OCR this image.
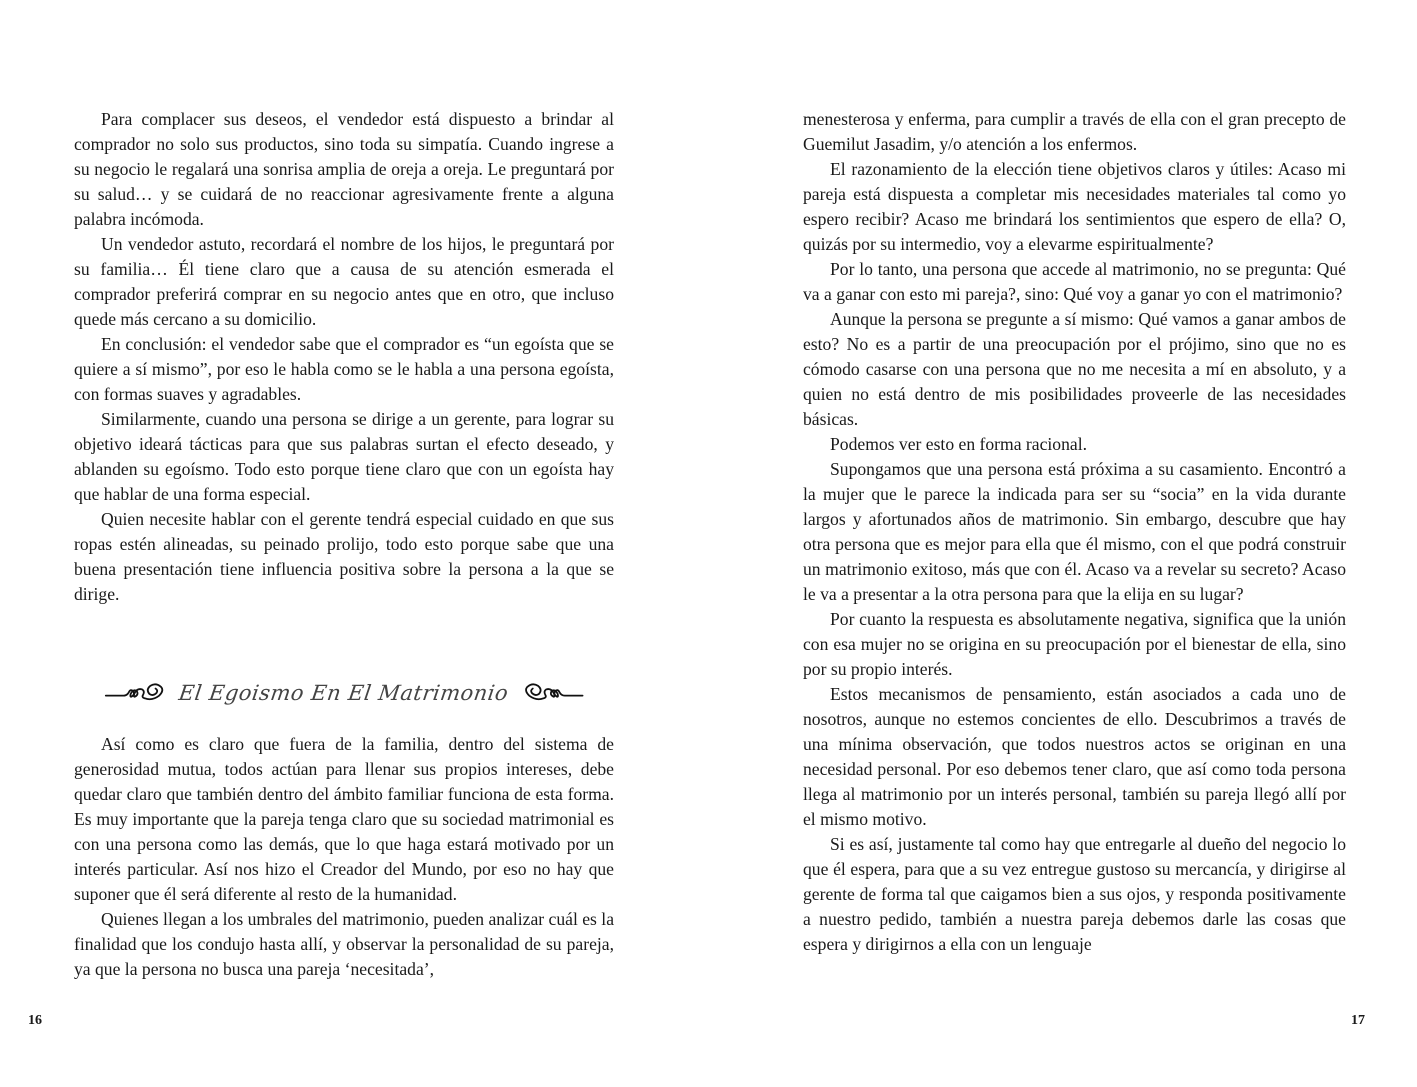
Para complacer sus deseos, el vendedor está dispuesto a brindar al comprador no solo sus productos, sino toda su simpatía. Cuando ingrese a su negocio le regalará una sonrisa amplia de oreja a oreja. Le preguntará por su salud… y se cuidará de no reaccionar agresivamente frente a alguna palabra incómoda.

Un vendedor astuto, recordará el nombre de los hijos, le preguntará por su familia… Él tiene claro que a causa de su atención esmerada el comprador preferirá comprar en su negocio antes que en otro, que incluso quede más cercano a su domicilio.

En conclusión: el vendedor sabe que el comprador es “un egoísta que se quiere a sí mismo”, por eso le habla como se le habla a una persona egoísta, con formas suaves y agradables.

Similarmente, cuando una persona se dirige a un gerente, para lograr su objetivo ideará tácticas para que sus palabras surtan el efecto deseado, y ablanden su egoísmo. Todo esto porque tiene claro que con un egoísta hay que hablar de una forma especial.

Quien necesite hablar con el gerente tendrá especial cuidado en que sus ropas estén alineadas, su peinado prolijo, todo esto porque sabe que una buena presentación tiene influencia positiva sobre la persona a la que se dirige.

El Egoismo En El Matrimonio

Así como es claro que fuera de la familia, dentro del sistema de generosidad mutua, todos actúan para llenar sus propios intereses, debe quedar claro que también dentro del ámbito familiar funciona de esta forma. Es muy importante que la pareja tenga claro que su sociedad matrimonial es con una persona como las demás, que lo que haga estará motivado por un interés particular. Así nos hizo el Creador del Mundo, por eso no hay que suponer que él será diferente al resto de la humanidad.

Quienes llegan a los umbrales del matrimonio, pueden analizar cuál es la finalidad que los condujo hasta allí, y observar la personalidad de su pareja, ya que la persona no busca una pareja ‘necesitada’,

16

menesterosa y enferma, para cumplir a través de ella con el gran precepto de Guemilut Jasadim, y/o atención a los enfermos.

El razonamiento de la elección tiene objetivos claros y útiles: Acaso mi pareja está dispuesta a completar mis necesidades materiales tal como yo espero recibir? Acaso me brindará los sentimientos que espero de ella? O, quizás por su intermedio, voy a elevarme espiritualmente?

Por lo tanto, una persona que accede al matrimonio, no se pregunta: Qué va a ganar con esto mi pareja?, sino: Qué voy a ganar yo con el matrimonio?

Aunque la persona se pregunte a sí mismo: Qué vamos a ganar ambos de esto? No es a partir de una preocupación por el prójimo, sino que no es cómodo casarse con una persona que no me necesita a mí en absoluto, y a quien no está dentro de mis posibilidades proveerle de las necesidades básicas.

Podemos ver esto en forma racional.

Supongamos que una persona está próxima a su casamiento. Encontró a la mujer que le parece la indicada para ser su “socia” en la vida durante largos y afortunados años de matrimonio. Sin embargo, descubre que hay otra persona que es mejor para ella que él mismo, con el que podrá construir un matrimonio exitoso, más que con él. Acaso va a revelar su secreto? Acaso le va a presentar a la otra persona para que la elija en su lugar?

Por cuanto la respuesta es absolutamente negativa, significa que la unión con esa mujer no se origina en su preocupación por el bienestar de ella, sino por su propio interés.

Estos mecanismos de pensamiento, están asociados a cada uno de nosotros, aunque no estemos concientes de ello. Descubrimos a través de una mínima observación, que todos nuestros actos se originan en una necesidad personal. Por eso debemos tener claro, que así como toda persona llega al matrimonio por un interés personal, también su pareja llegó allí por el mismo motivo.

Si es así, justamente tal como hay que entregarle al dueño del negocio lo que él espera, para que a su vez entregue gustoso su mercancía, y dirigirse al gerente de forma tal que caigamos bien a sus ojos, y responda positivamente a nuestro pedido, también a nuestra pareja debemos darle las cosas que espera y dirigirnos a ella con un lenguaje

17
